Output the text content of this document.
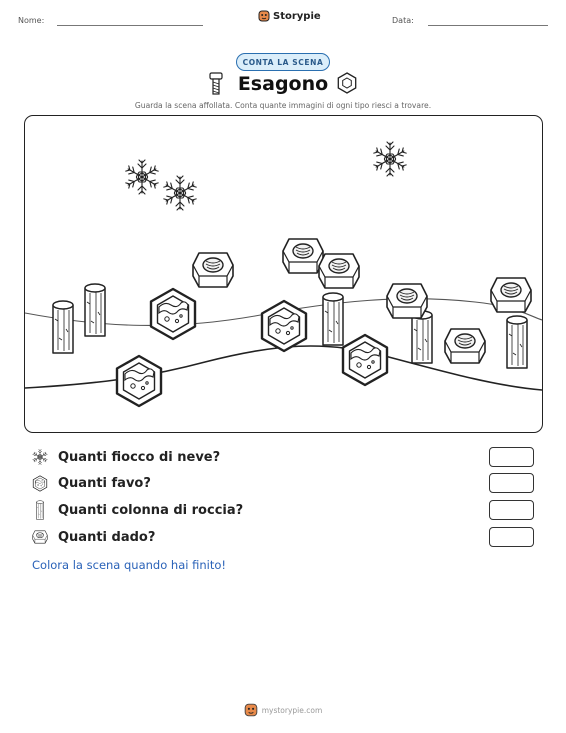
Nome:	Storypie	Data:
CONTA LA SCENA
Esagono
Guarda la scena affollata. Conta quante immagini di ogni tipo riesci a trovare.
Quanti fiocco di neve?
Quanti favo?
Quanti colonna di roccia?
Quanti dado?
Colora la scena quando hai finito!
mystorypie.com
